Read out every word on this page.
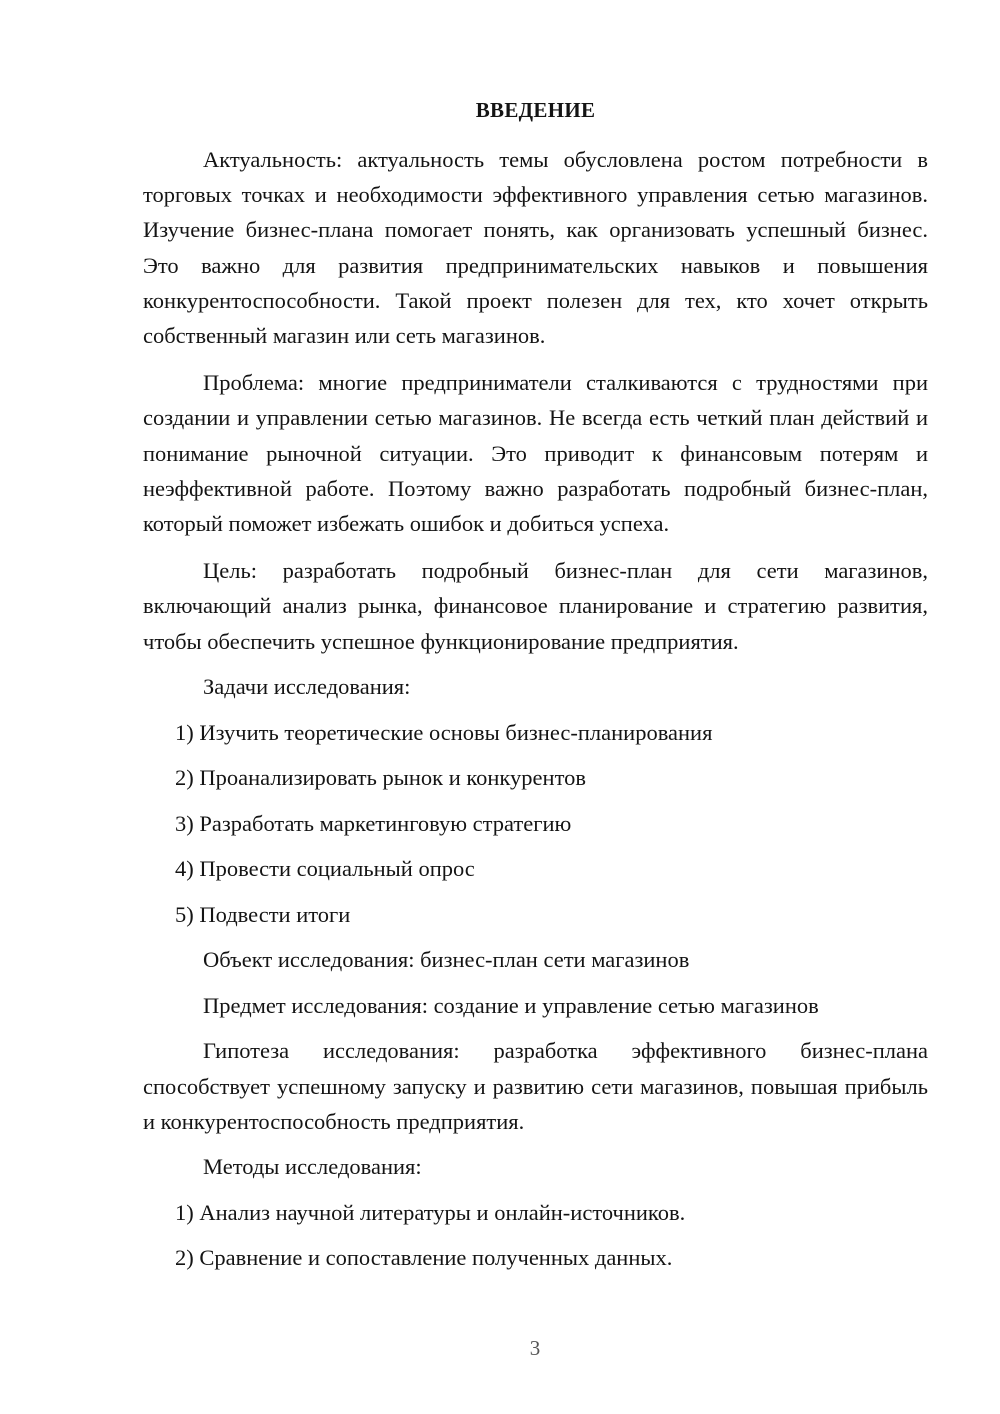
ВВЕДЕНИЕ

Актуальность: актуальность темы обусловлена ростом потребности в торговых точках и необходимости эффективного управления сетью магазинов. Изучение бизнес-плана помогает понять, как организовать успешный бизнес. Это важно для развития предпринимательских навыков и повышения конкурентоспособности. Такой проект полезен для тех, кто хочет открыть собственный магазин или сеть магазинов.

Проблема: многие предприниматели сталкиваются с трудностями при создании и управлении сетью магазинов. Не всегда есть четкий план действий и понимание рыночной ситуации. Это приводит к финансовым потерям и неэффективной работе. Поэтому важно разработать подробный бизнес-план, который поможет избежать ошибок и добиться успеха.

Цель: разработать подробный бизнес-план для сети магазинов, включающий анализ рынка, финансовое планирование и стратегию развития, чтобы обеспечить успешное функционирование предприятия.

Задачи исследования:

1) Изучить теоретические основы бизнес-планирования

2) Проанализировать рынок и конкурентов

3) Разработать маркетинговую стратегию

4) Провести социальный опрос

5) Подвести итоги

Объект исследования: бизнес-план сети магазинов

Предмет исследования: создание и управление сетью магазинов

Гипотеза исследования: разработка эффективного бизнес-плана способствует успешному запуску и развитию сети магазинов, повышая прибыль и конкурентоспособность предприятия.

Методы исследования:

1) Анализ научной литературы и онлайн-источников.

2) Сравнение и сопоставление полученных данных.

3
